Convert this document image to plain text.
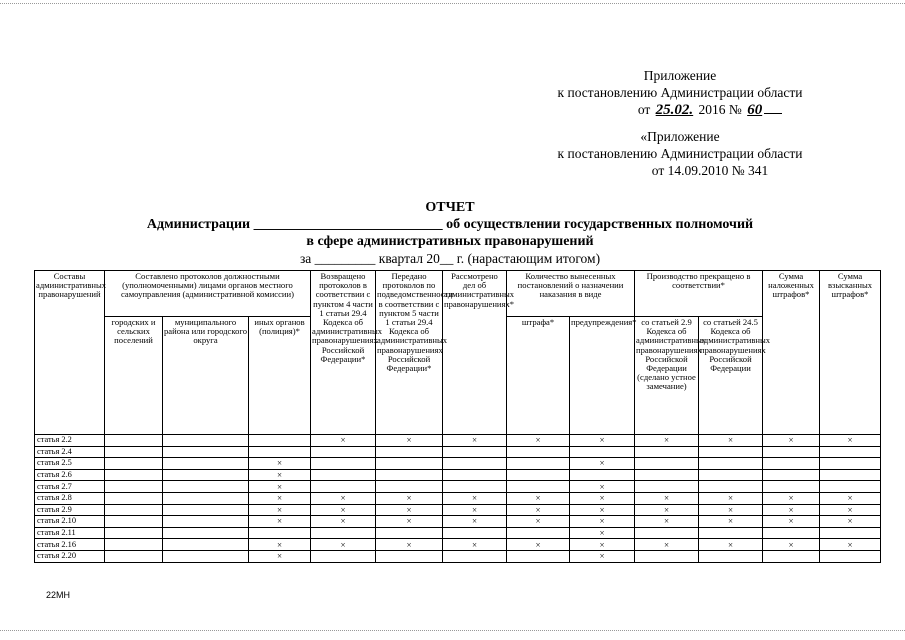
Приложение
к постановлению Администрации области
от 25.02. 2016 № 60
«Приложение
к постановлению Администрации области
от 14.09.2010 № 341
ОТЧЕТ
Администрации ___________________________ об осуществлении государственных полномочий
в сфере административных правонарушений
за _________ квартал 20__ г. (нарастающим итогом)
Составы административных правонарушений	Составлено протоколов должностными (уполномоченными) лицами органов местного самоуправления (административной комиссии)			Возвращено протоколов в соответствии с пунктом 4 части 1 статьи 29.4 Кодекса об административных правонарушениях Российской Федерации*	Передано протоколов по подведомственности в соответствии с пунктом 5 части 1 статьи 29.4 Кодекса об административных правонарушениях Российской Федерации*	Рассмотрено дел об административных правонарушениях*	Количество вынесенных постановлений о назначении наказания в виде		Производство прекращено в соответствии*		Сумма наложенных штрафов*	Сумма взысканных штрафов*
	городских и сельских поселений	муниципального района или городского округа	иных органов (полиция)*				штрафа*	предупреждения*	со статьей 2.9 Кодекса об административных правонарушениях Российской Федерации (сделано устное замечание)	со статьей 24.5 Кодекса об административных правонарушениях Российской Федерации		
статья 2.2				×	×	×	×	×	×	×	×	×
статья 2.4												
статья 2.5			×					×				
статья 2.6			×									
статья 2.7			×					×				
статья 2.8			×	×	×	×	×	×	×	×	×	×
статья 2.9			×	×	×	×	×	×	×	×	×	×
статья 2.10			×	×	×	×	×	×	×	×	×	×
статья 2.11								×				
статья 2.16			×	×	×	×	×	×	×	×	×	×
статья 2.20			×					×				
22МН
